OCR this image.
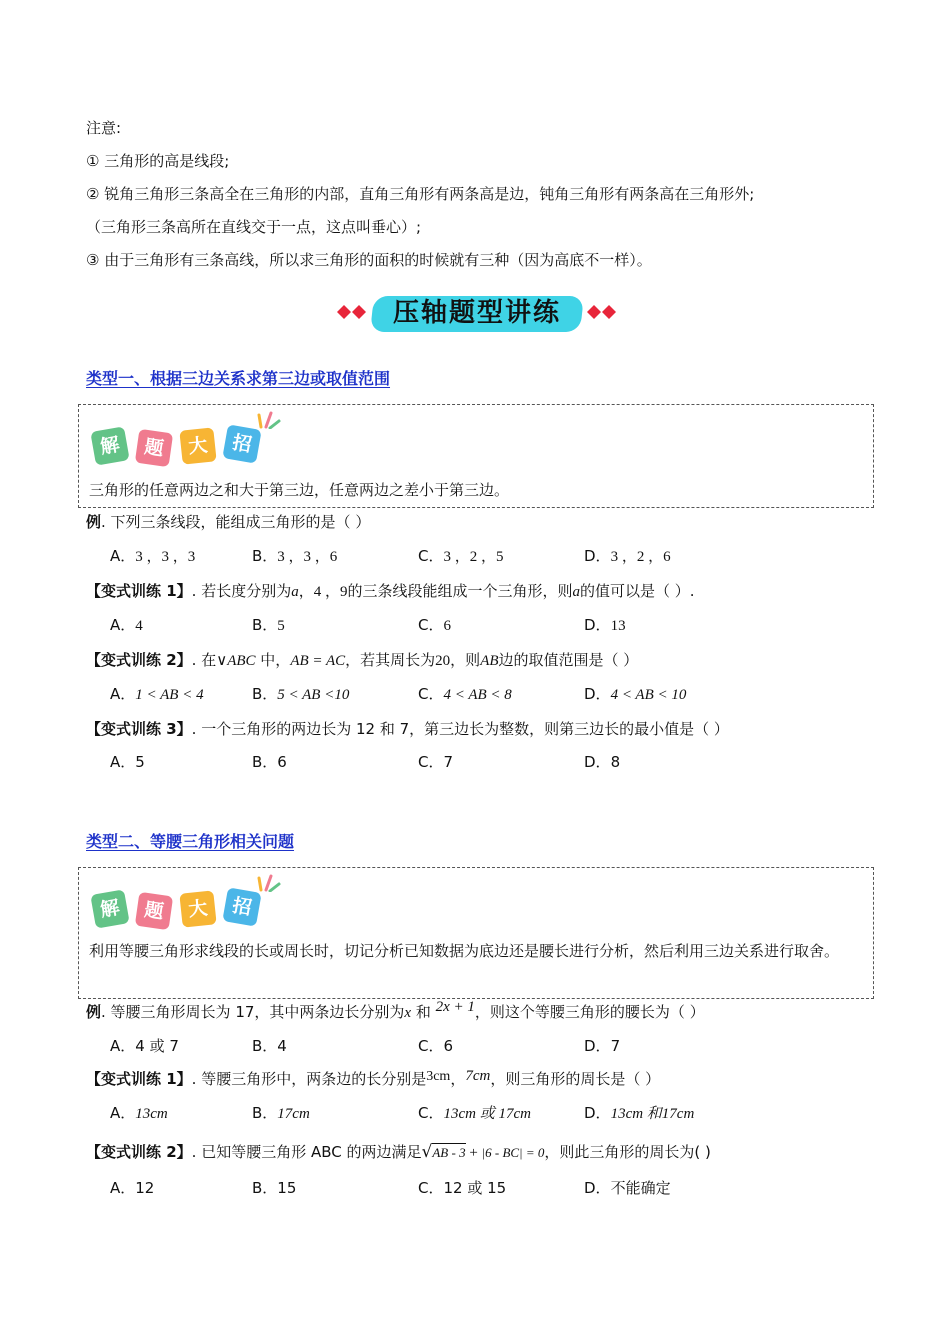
注意:
① 三角形的高是线段;
② 锐角三角形三条高全在三角形的内部，直角三角形有两条高是边，钝角三角形有两条高在三角形外;
（三角形三条高所在直线交于一点，这点叫垂心）;
③ 由于三角形有三条高线，所以求三角形的面积的时候就有三种（因为高底不一样）。
压轴题型讲练
类型一、根据三边关系求第三边或取值范围
解	题	大	招
三角形的任意两边之和大于第三边，任意两边之差小于第三边。
例. 下列三条线段，能组成三角形的是（ ）
A．3 ，3 ，3	B．3 ，3 ，6	C．3 ，2 ，5	D．3 ，2 ，6
【变式训练 1】. 若长度分别为a，4 ，9的三条线段能组成一个三角形，则a的值可以是（ ）.
A．4	B．5	C．6	D．13
【变式训练 2】. 在∨ABC 中，AB = AC，若其周长为20，则AB边的取值范围是（ ）
A．1 < AB < 4	B．5 < AB <10	C．4 < AB < 8	D．4 < AB < 10
【变式训练 3】. 一个三角形的两边长为 12 和 7，第三边长为整数，则第三边长的最小值是（ ）
A．5	B．6	C．7	D．8
类型二、等腰三角形相关问题
解	题	大	招
利用等腰三角形求线段的长或周长时，切记分析已知数据为底边还是腰长进行分析，然后利用三边关系进行取舍。
例. 等腰三角形周长为 17，其中两条边长分别为x 和 2x + 1，则这个等腰三角形的腰长为（ ）
A．4 或 7	B．4	C．6	D．7
【变式训练 1】. 等腰三角形中，两条边的长分别是3cm，7cm，则三角形的周长是（ ）
A．13cm	B．17cm	C．13cm 或 17cm	D．13cm 和17cm
【变式训练 2】. 已知等腰三角形 ABC 的两边满足√AB - 3 + |6 - BC| = 0，则此三角形的周长为( )
A．12	B．15	C．12 或 15	D．不能确定
